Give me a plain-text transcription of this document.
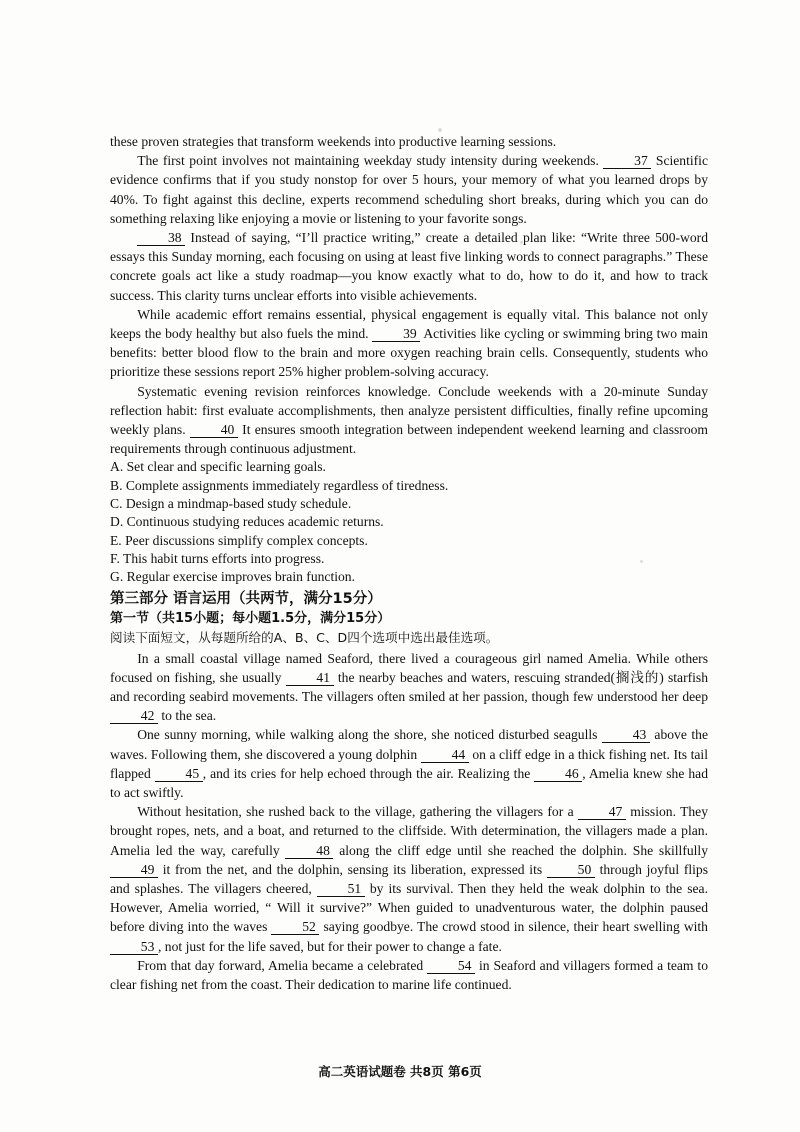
these proven strategies that transform weekends into productive learning sessions.

The first point involves not maintaining weekday study intensity during weekends.	37 Scientific evidence confirms that if you study nonstop for over 5 hours, your memory of what you learned drops by 40%. To fight against this decline, experts recommend scheduling short breaks, during which you can do something relaxing like enjoying a movie or listening to your favorite songs.

38 Instead of saying, “I’ll practice writing,” create a detailed plan like: “Write three 500-word essays this Sunday morning, each focusing on using at least five linking words to connect paragraphs.” These concrete goals act like a study roadmap—you know exactly what to do, how to do it, and how to track success. This clarity turns unclear efforts into visible achievements.

While academic effort remains essential, physical engagement is equally vital. This balance not only keeps the body healthy but also fuels the mind. 39 Activities like cycling or swimming bring two main benefits: better blood flow to the brain and more oxygen reaching brain cells. Consequently, students who prioritize these sessions report 25% higher problem-solving accuracy.

Systematic evening revision reinforces knowledge. Conclude weekends with a 20-minute Sunday reflection habit: first evaluate accomplishments, then analyze persistent difficulties, finally refine upcoming weekly plans. 40 It ensures smooth integration between independent weekend learning and classroom requirements through continuous adjustment.

A. Set clear and specific learning goals.

B. Complete assignments immediately regardless of tiredness.

C. Design a mindmap-based study schedule.

D. Continuous studying reduces academic returns.

E. Peer discussions simplify complex concepts.

F. This habit turns efforts into progress.

G. Regular exercise improves brain function.

第三部分 语言运用（共两节，满分15分）

第一节（共15小题；每小题1.5分，满分15分）

阅读下面短文，从每题所给的A、B、C、D四个选项中选出最佳选项。

In a small coastal village named Seaford, there lived a courageous girl named Amelia. While others focused on fishing, she usually 41 the nearby beaches and waters, rescuing stranded(搁浅的) starfish and recording seabird movements. The villagers often smiled at her passion, though few understood her deep 42 to the sea.

One sunny morning, while walking along the shore, she noticed disturbed seagulls 43 above the waves. Following them, she discovered a young dolphin 44 on a cliff edge in a thick fishing net. Its tail flapped 45 , and its cries for help echoed through the air. Realizing the 46 , Amelia knew she had to act swiftly.

Without hesitation, she rushed back to the village, gathering the villagers for a 47 mission. They brought ropes, nets, and a boat, and returned to the cliffside. With determination, the villagers made a plan. Amelia led the way, carefully 48 along the cliff edge until she reached the dolphin. She skillfully 49 it from the net, and the dolphin, sensing its liberation, expressed its 50 through joyful flips and splashes. The villagers cheered, 51 by its survival. Then they held the weak dolphin to the sea. However, Amelia worried, “ Will it survive?” When guided to unadventurous water, the dolphin paused before diving into the waves 52 saying goodbye. The crowd stood in silence, their heart swelling with 53 , not just for the life saved, but for their power to change a fate.

From that day forward, Amelia became a celebrated 54 in Seaford and villagers formed a team to clear fishing net from the coast. Their dedication to marine life continued.

高二英语试题卷 共8页 第6页
